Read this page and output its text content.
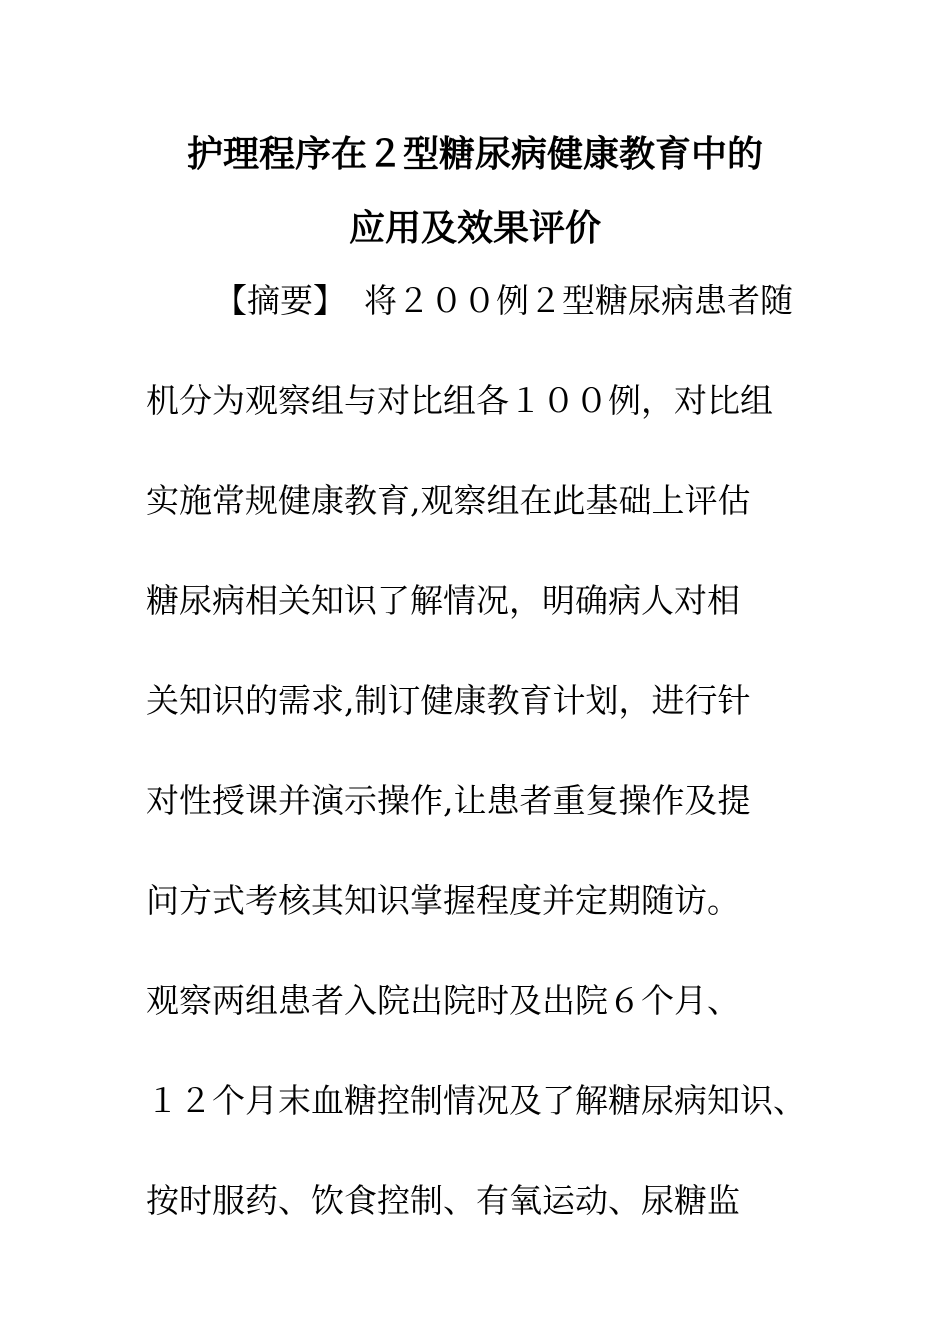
护理程序在２型糖尿病健康教育中的
应用及效果评价
【摘要】 将２００例２型糖尿病患者随
机分为观察组与对比组各１００例，对比组
实施常规健康教育,观察组在此基础上评估
糖尿病相关知识了解情况，明确病人对相
关知识的需求,制订健康教育计划，进行针
对性授课并演示操作,让患者重复操作及提
问方式考核其知识掌握程度并定期随访。
观察两组患者入院出院时及出院６个月、
１２个月末血糖控制情况及了解糖尿病知识、
按时服药、饮食控制、有氧运动、尿糖监
